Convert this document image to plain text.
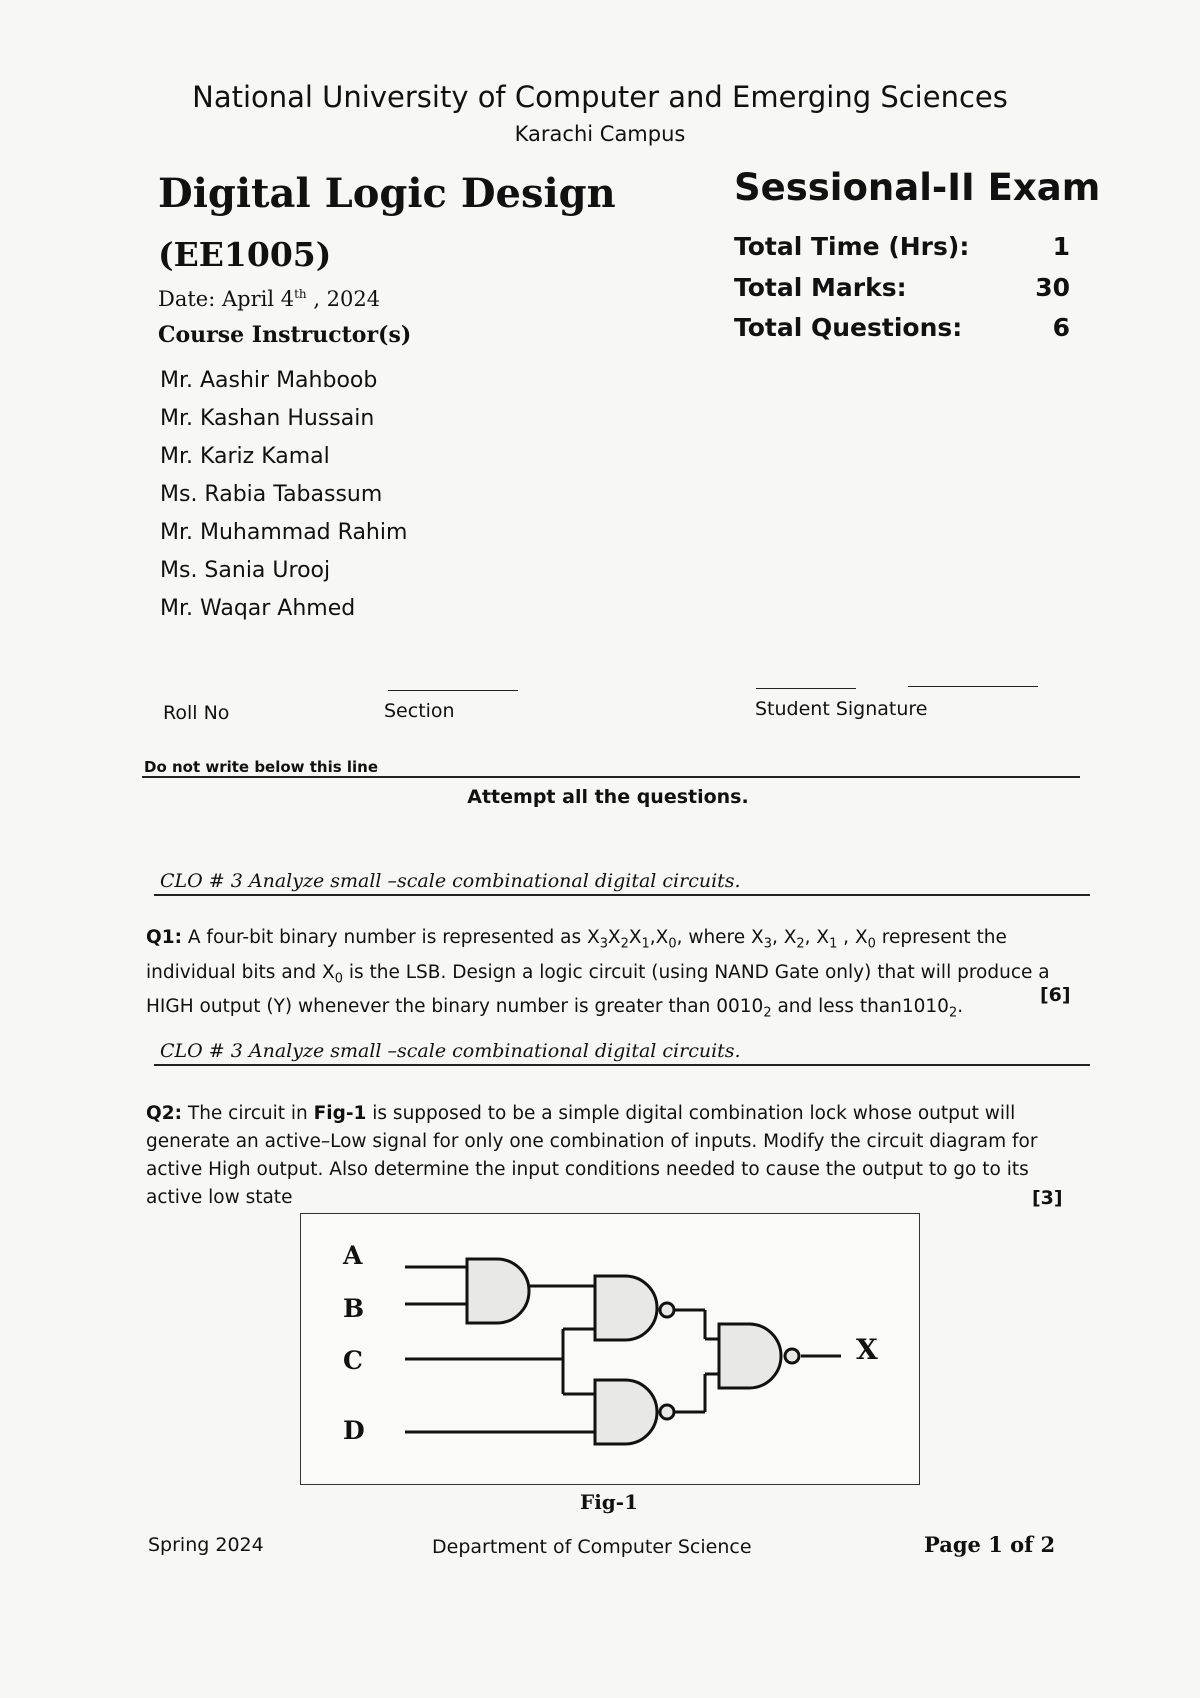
National University of Computer and Emerging Sciences
Karachi Campus
Digital Logic Design
(EE1005)
Date: April 4th , 2024
Course Instructor(s)
Mr. Aashir Mahboob
Mr. Kashan Hussain
Mr. Kariz Kamal
Ms. Rabia Tabassum
Mr. Muhammad Rahim
Ms. Sania Urooj
Mr. Waqar Ahmed
Sessional-II Exam
Total Time (Hrs):	1
Total Marks:	30
Total Questions:	6
Roll No	Section	Student Signature
Do not write below this line
Attempt all the questions.
CLO # 3 Analyze small –scale combinational digital circuits.
Q1: A four-bit binary number is represented as $X_3X_2X_1,X_0$, where $X_3$, $X_2$, $X_1$ , $X_0$ represent the individual bits and $X_0$ is the LSB. Design a logic circuit (using NAND Gate only) that will produce a HIGH output (Y) whenever the binary number is greater than $0010_2$ and less $than1010_2$.
[6]
CLO # 3 Analyze small –scale combinational digital circuits.
Q2: The circuit in Fig-1 is supposed to be a simple digital combination lock whose output will generate an active–Low signal for only one combination of inputs. Modify the circuit diagram for active High output. Also determine the input conditions needed to cause the output to go to its active low state	[3]
A
B
C
D
X
Fig-1
Spring 2024	Department of Computer Science	Page 1 of 2
